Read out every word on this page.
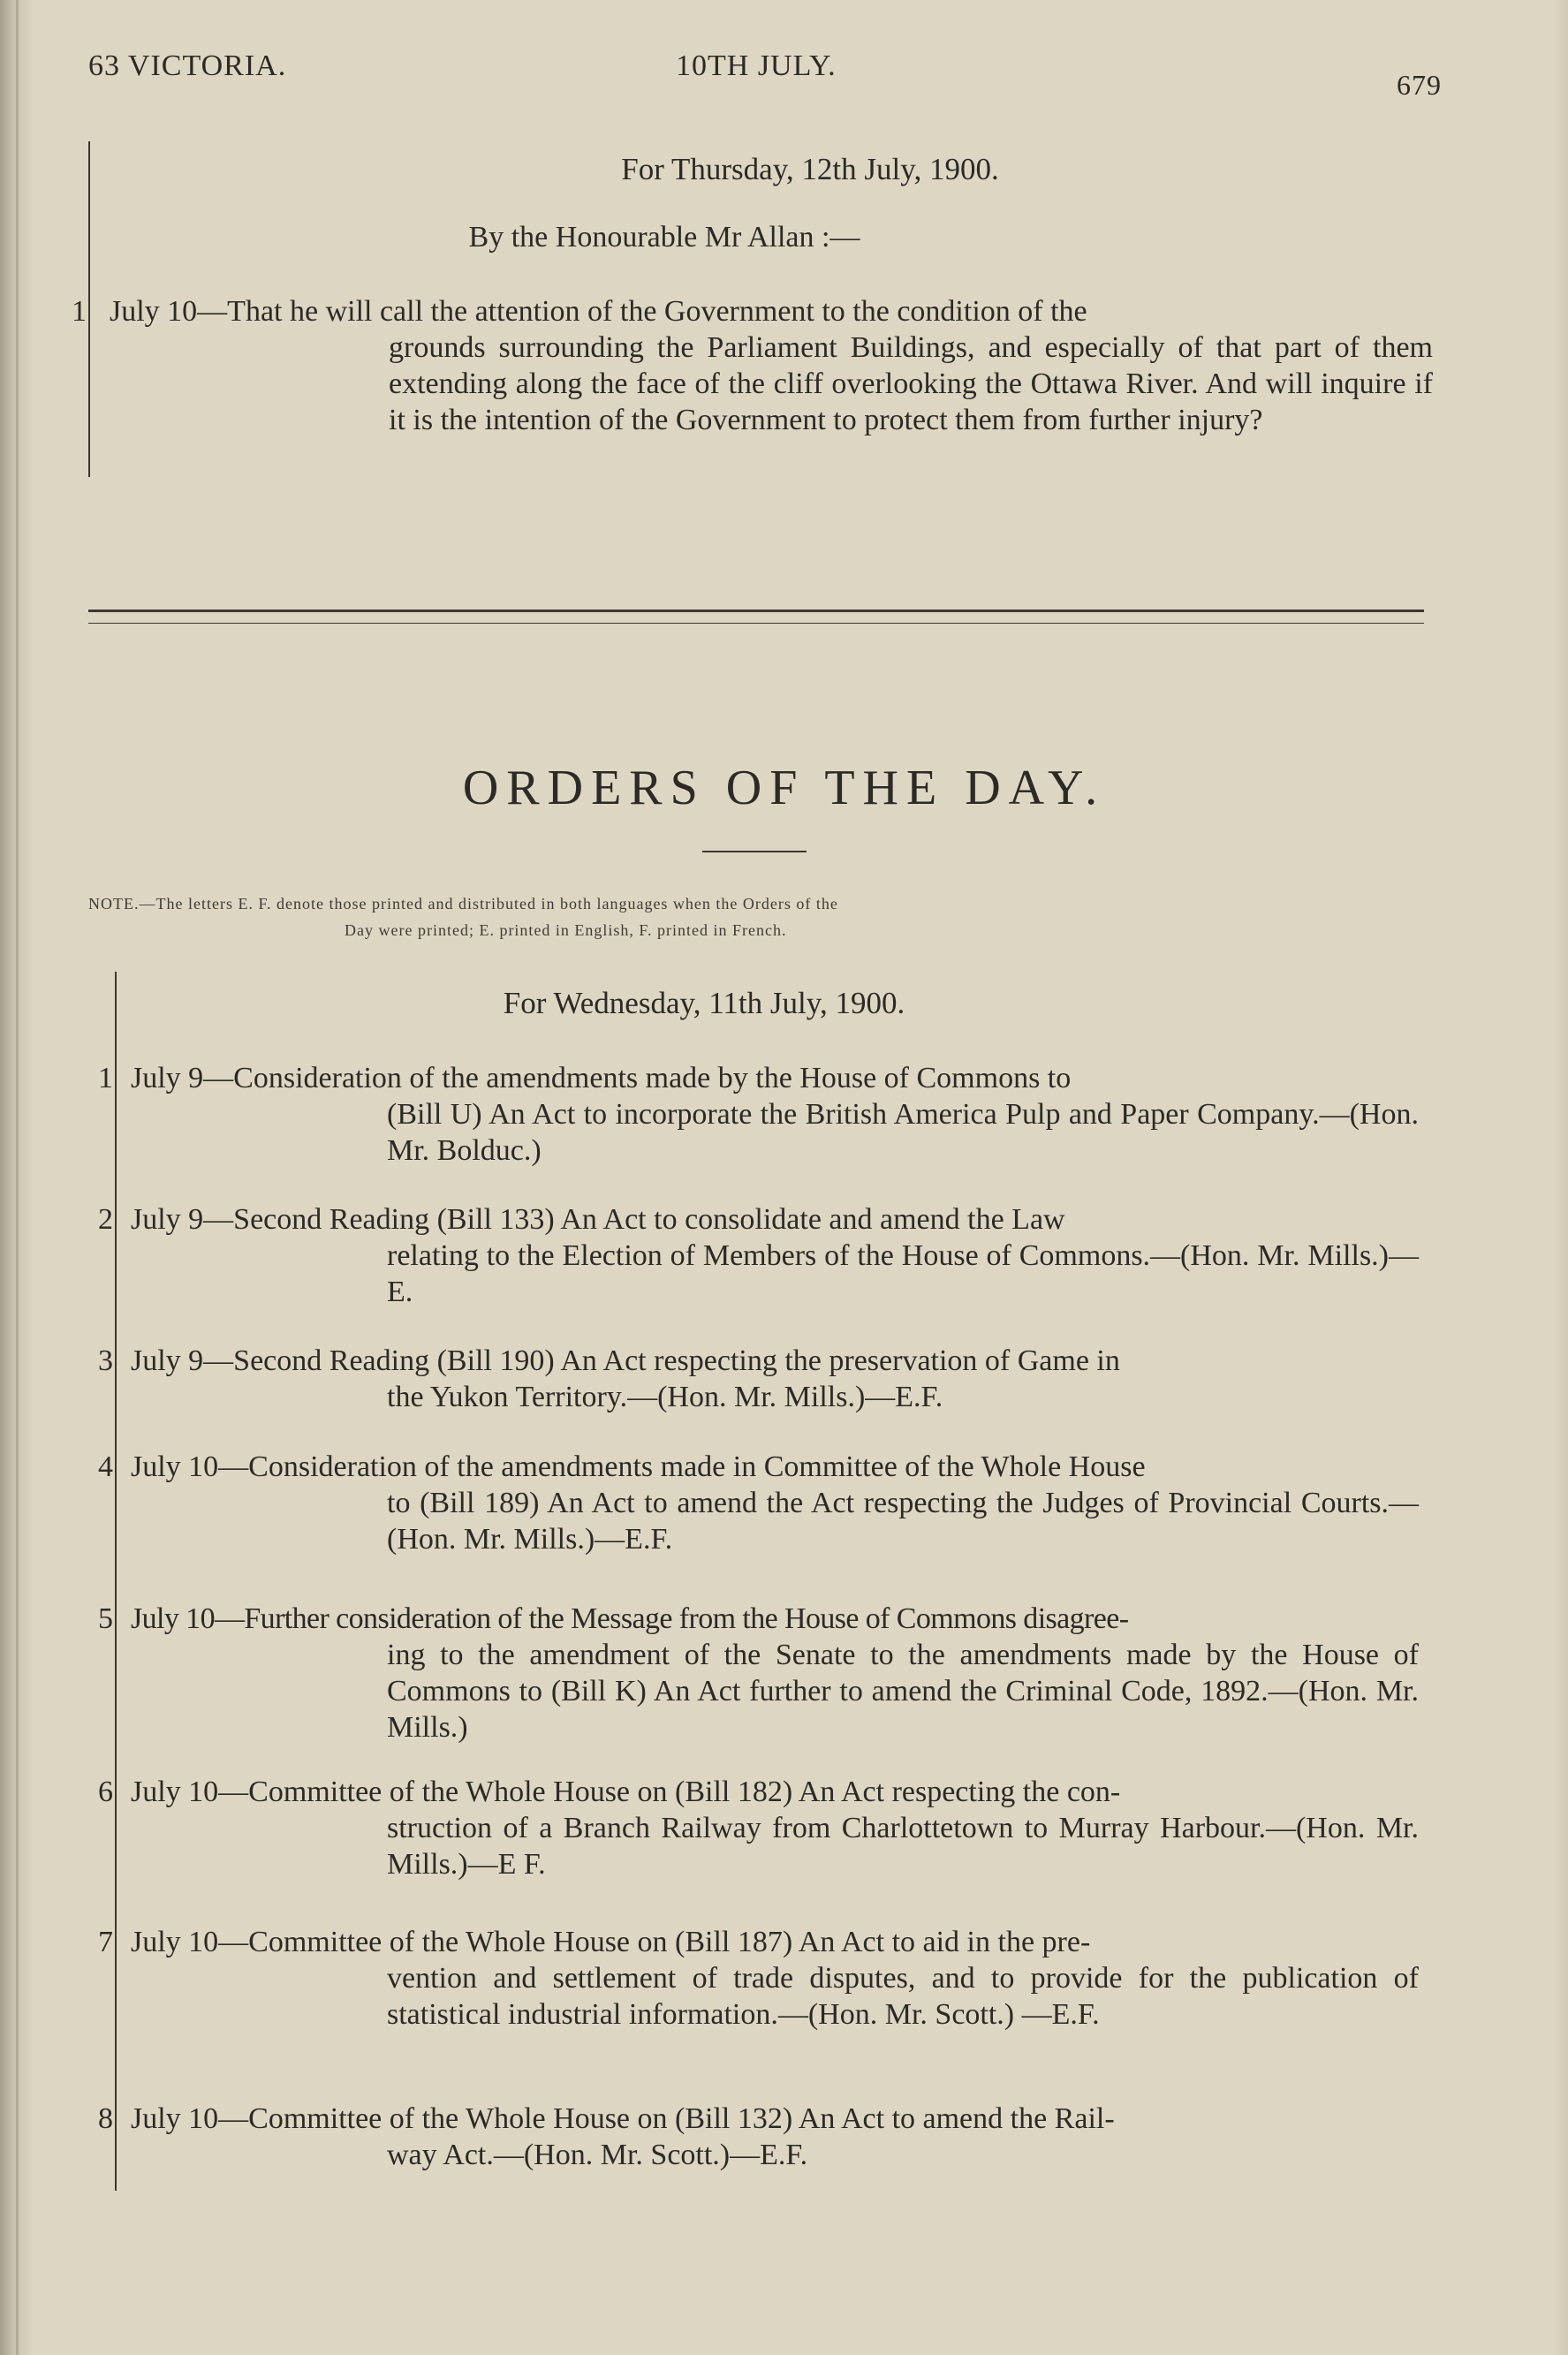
63 VICTORIA.	10TH JULY.
679
For Thursday, 12th July, 1900.
By the Honourable Mr Allan :—
1 July 10—That he will call the attention of the Government to the condition of the
grounds surrounding the Parliament Buildings, and especially of that part of them extending along the face of the cliff overlooking the Ottawa River. And will inquire if it is the intention of the Government to protect them from further injury?
ORDERS OF THE DAY.
NOTE.—The letters E. F. denote those printed and distributed in both languages when the Orders of the
Day were printed; E. printed in English, F. printed in French.
For Wednesday, 11th July, 1900.
1 July 9—Consideration of the amendments made by the House of Commons to
(Bill U) An Act to incorporate the British America Pulp and Paper Company.—(Hon. Mr. Bolduc.)
2 July 9—Second Reading (Bill 133) An Act to consolidate and amend the Law
relating to the Election of Members of the House of Commons.—(Hon. Mr. Mills.)—E.
3 July 9—Second Reading (Bill 190) An Act respecting the preservation of Game in
the Yukon Territory.—(Hon. Mr. Mills.)—E.F.
4 July 10—Consideration of the amendments made in Committee of the Whole House
to (Bill 189) An Act to amend the Act respecting the Judges of Provincial Courts.—(Hon. Mr. Mills.)—E.F.
5 July 10—Further consideration of the Message from the House of Commons disagree-
ing to the amendment of the Senate to the amendments made by the House of Commons to (Bill K) An Act further to amend the Criminal Code, 1892.—(Hon. Mr. Mills.)
6 July 10—Committee of the Whole House on (Bill 182) An Act respecting the con-
struction of a Branch Railway from Charlottetown to Murray Harbour.—(Hon. Mr. Mills.)—E F.
7 July 10—Committee of the Whole House on (Bill 187) An Act to aid in the pre-
vention and settlement of trade disputes, and to provide for the publication of statistical industrial information.—(Hon. Mr. Scott.) —E.F.
8 July 10—Committee of the Whole House on (Bill 132) An Act to amend the Rail-
way Act.—(Hon. Mr. Scott.)—E.F.
